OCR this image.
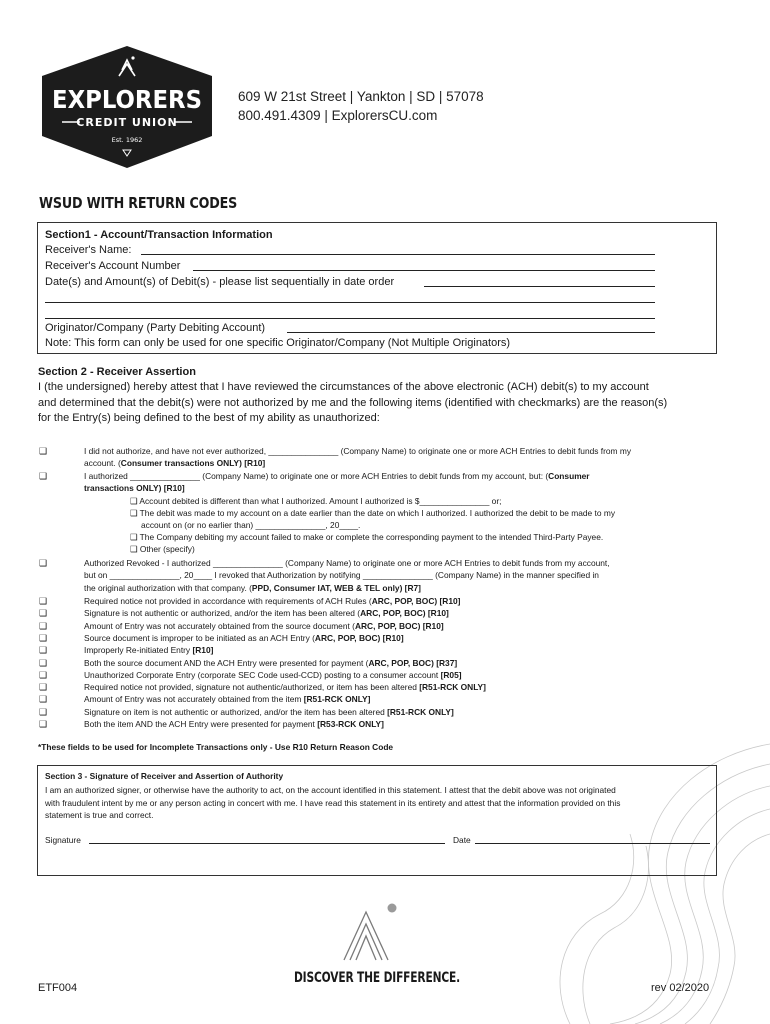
EXPLORERS
CREDIT UNION
Est. 1962
609 W 21st Street | Yankton | SD | 57078
800.491.4309 | ExplorersCU.com
WSUD WITH RETURN CODES
Section1 - Account/Transaction Information
Receiver's Name:
Receiver's Account Number
Date(s) and Amount(s) of Debit(s) - please list sequentially in date order
Originator/Company (Party Debiting Account)
Note: This form can only be used for one specific Originator/Company (Not Multiple Originators)
Section 2 - Receiver Assertion
I (the undersigned) hereby attest that I have reviewed the circumstances of the above electronic (ACH) debit(s) to my account
and determined that the debit(s) were not authorized by me and the following items (identified with checkmarks) are the reason(s)
for the Entry(s) being defined to the best of my ability as unauthorized:
❑
❑
❑
❑
❑
❑
❑
❑
❑
❑
❑
❑
❑
❑
I did not authorize, and have not ever authorized, _______________ (Company Name) to originate one or more ACH Entries to debit funds from my
account. (Consumer transactions ONLY) [R10]
I authorized _______________ (Company Name) to originate one or more ACH Entries to debit funds from my account, but: (Consumer
transactions ONLY) [R10]
❑ Account debited is different than what I authorized. Amount I authorized is $_______________ or;
❑ The debit was made to my account on a date earlier than the date on which I authorized. I authorized the debit to be made to my
account on (or no earlier than) _______________, 20____.
❑ The Company debiting my account failed to make or complete the corresponding payment to the intended Third-Party Payee.
❑ Other (specify)
Authorized Revoked - I authorized _______________ (Company Name) to originate one or more ACH Entries to debit funds from my account,
but on _______________, 20____ I revoked that Authorization by notifying _______________ (Company Name) in the manner specified in
the original authorization with that company. (PPD, Consumer IAT, WEB & TEL only) [R7]
Required notice not provided in accordance with requirements of ACH Rules (ARC, POP, BOC) [R10]
Signature is not authentic or authorized, and/or the item has been altered (ARC, POP, BOC) [R10]
Amount of Entry was not accurately obtained from the source document (ARC, POP, BOC) [R10]
Source document is improper to be initiated as an ACH Entry (ARC, POP, BOC) [R10]
Improperly Re-initiated Entry [R10]
Both the source document AND the ACH Entry were presented for payment (ARC, POP, BOC) [R37]
Unauthorized Corporate Entry (corporate SEC Code used-CCD) posting to a consumer account [R05]
Required notice not provided, signature not authentic/authorized, or item has been altered [R51-RCK ONLY]
Amount of Entry was not accurately obtained from the item [R51-RCK ONLY]
Signature on item is not authentic or authorized, and/or the item has been altered [R51-RCK ONLY]
Both the item AND the ACH Entry were presented for payment [R53-RCK ONLY]
*These fields to be used for Incomplete Transactions only - Use R10 Return Reason Code
Section 3 - Signature of Receiver and Assertion of Authority
I am an authorized signer, or otherwise have the authority to act, on the account identified in this statement. I attest that the debit above was not originated
with fraudulent intent by me or any person acting in concert with me. I have read this statement in its entirety and attest that the information provided on this
statement is true and correct.
Signature	Date
DISCOVER THE DIFFERENCE.
ETF004	rev 02/2020
